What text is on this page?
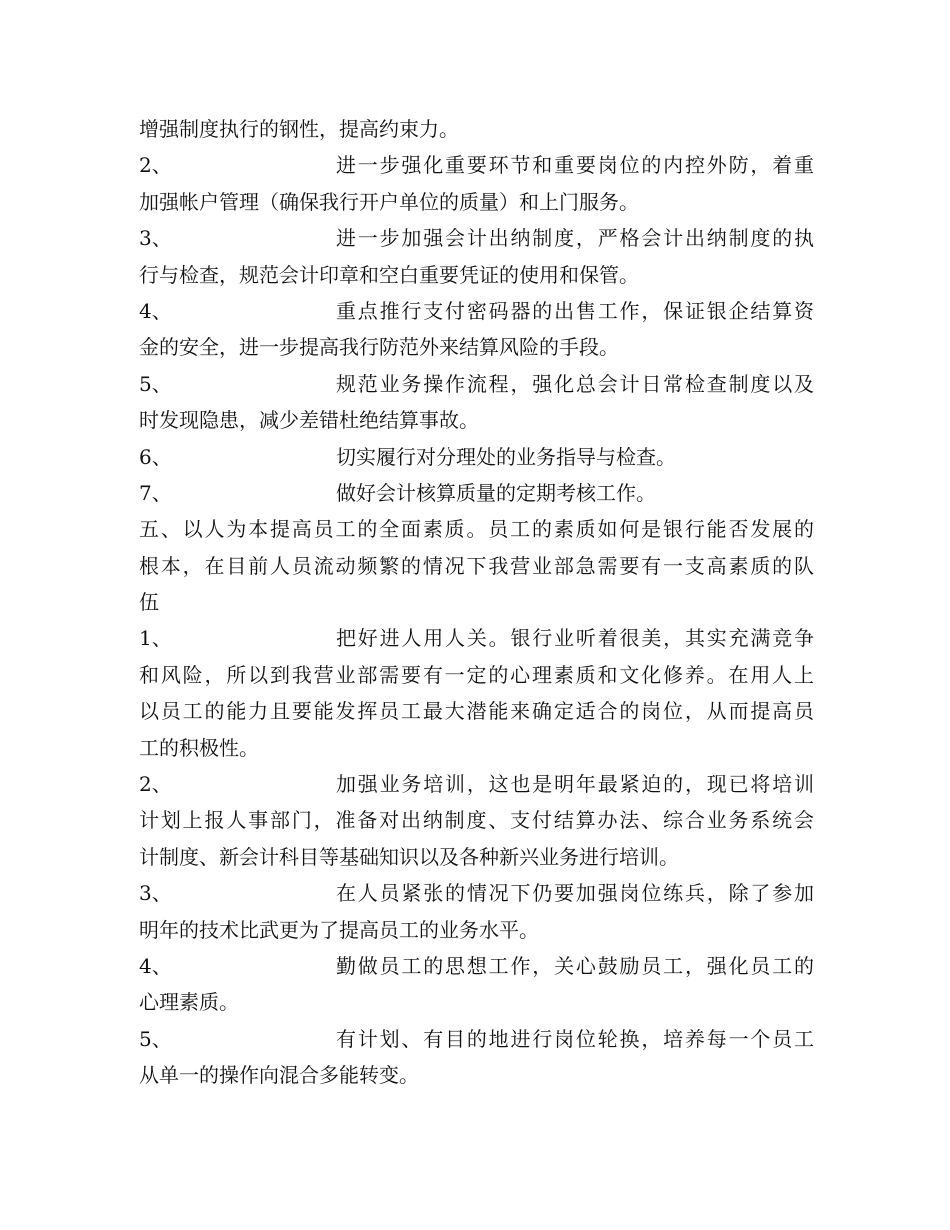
增强制度执行的钢性，提高约束力。
2、	进一步强化重要环节和重要岗位的内控外防，着重
加强帐户管理（确保我行开户单位的质量）和上门服务。
3、	进一步加强会计出纳制度，严格会计出纳制度的执
行与检查，规范会计印章和空白重要凭证的使用和保管。
4、	重点推行支付密码器的出售工作，保证银企结算资
金的安全，进一步提高我行防范外来结算风险的手段。
5、	规范业务操作流程，强化总会计日常检查制度以及
时发现隐患，减少差错杜绝结算事故。
6、	切实履行对分理处的业务指导与检查。
7、	做好会计核算质量的定期考核工作。
五、以人为本提高员工的全面素质。员工的素质如何是银行能否发展的
根本，在目前人员流动频繁的情况下我营业部急需要有一支高素质的队
伍
1、	把好进人用人关。银行业听着很美，其实充满竞争
和风险，所以到我营业部需要有一定的心理素质和文化修养。在用人上
以员工的能力且要能发挥员工最大潜能来确定适合的岗位，从而提高员
工的积极性。
2、	加强业务培训，这也是明年最紧迫的，现已将培训
计划上报人事部门，准备对出纳制度、支付结算办法、综合业务系统会
计制度、新会计科目等基础知识以及各种新兴业务进行培训。
3、	在人员紧张的情况下仍要加强岗位练兵，除了参加
明年的技术比武更为了提高员工的业务水平。
4、	勤做员工的思想工作，关心鼓励员工，强化员工的
心理素质。
5、	有计划、有目的地进行岗位轮换，培养每一个员工
从单一的操作向混合多能转变。
